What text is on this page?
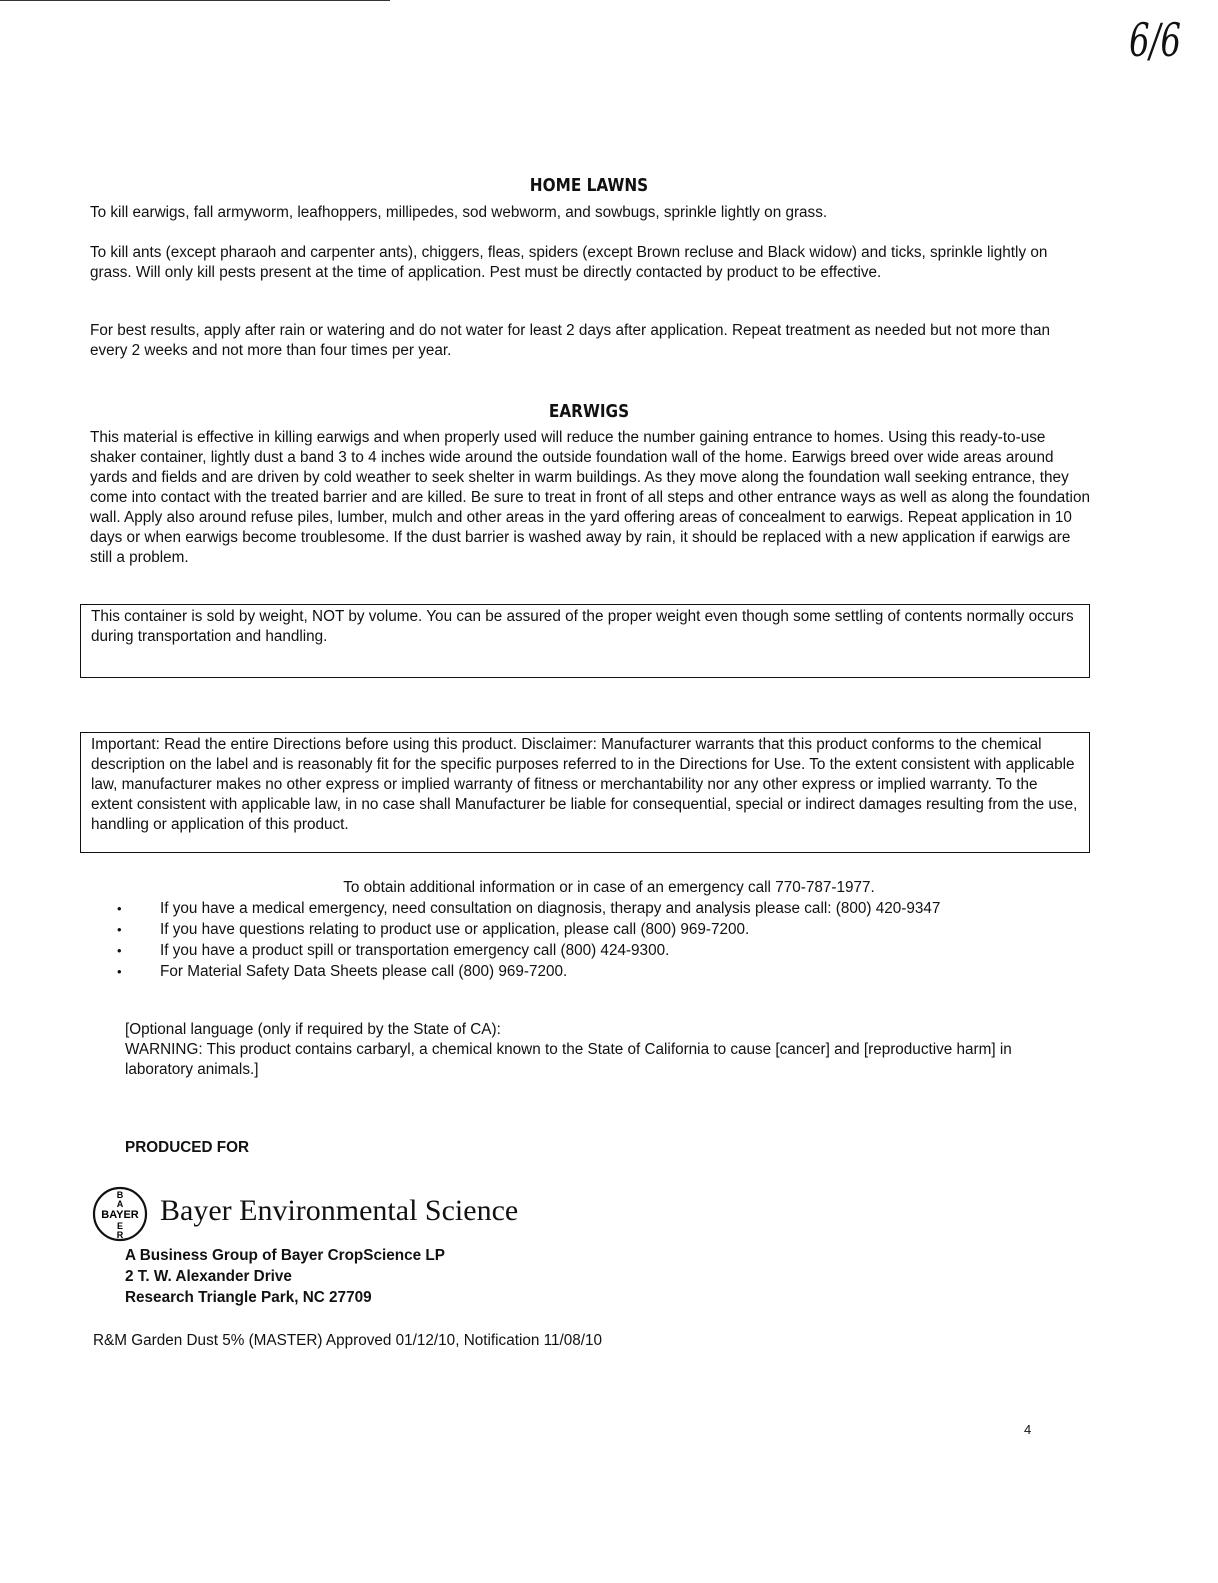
6/6
HOME LAWNS

To kill earwigs, fall armyworm, leafhoppers, millipedes, sod webworm, and sowbugs, sprinkle lightly on grass.

To kill ants (except pharaoh and carpenter ants), chiggers, fleas, spiders (except Brown recluse and Black widow) and ticks, sprinkle lightly on grass. Will only kill pests present at the time of application. Pest must be directly contacted by product to be effective.

For best results, apply after rain or watering and do not water for least 2 days after application. Repeat treatment as needed but not more than every 2 weeks and not more than four times per year.

EARWIGS

This material is effective in killing earwigs and when properly used will reduce the number gaining entrance to homes. Using this ready-to-use shaker container, lightly dust a band 3 to 4 inches wide around the outside foundation wall of the home. Earwigs breed over wide areas around yards and fields and are driven by cold weather to seek shelter in warm buildings. As they move along the foundation wall seeking entrance, they come into contact with the treated barrier and are killed. Be sure to treat in front of all steps and other entrance ways as well as along the foundation wall. Apply also around refuse piles, lumber, mulch and other areas in the yard offering areas of concealment to earwigs. Repeat application in 10 days or when earwigs become troublesome. If the dust barrier is washed away by rain, it should be replaced with a new application if earwigs are still a problem.

This container is sold by weight, NOT by volume. You can be assured of the proper weight even though some settling of contents normally occurs during transportation and handling.
Important: Read the entire Directions before using this product. Disclaimer: Manufacturer warrants that this product conforms to the chemical description on the label and is reasonably fit for the specific purposes referred to in the Directions for Use. To the extent consistent with applicable law, manufacturer makes no other express or implied warranty of fitness or merchantability nor any other express or implied warranty. To the extent consistent with applicable law, in no case shall Manufacturer be liable for consequential, special or indirect damages resulting from the use, handling or application of this product.
To obtain additional information or in case of an emergency call 770-787-1977.
• If you have a medical emergency, need consultation on diagnosis, therapy and analysis please call: (800) 420-9347
• If you have questions relating to product use or application, please call (800) 969-7200.
• If you have a product spill or transportation emergency call (800) 424-9300.
• For Material Safety Data Sheets please call (800) 969-7200.
[Optional language (only if required by the State of CA):
WARNING: This product contains carbaryl, a chemical known to the State of California to cause [cancer] and [reproductive harm] in laboratory animals.]
PRODUCED FOR
BAYER
B
A
E
R
Bayer Environmental Science
A Business Group of Bayer CropScience LP
2 T. W. Alexander Drive
Research Triangle Park, NC 27709
R&M Garden Dust 5% (MASTER) Approved 01/12/10, Notification 11/08/10
4
